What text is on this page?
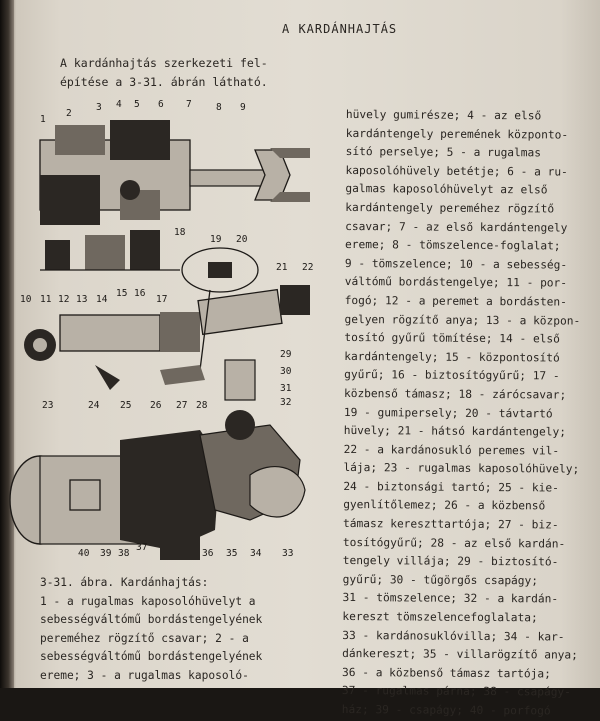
A KARDÁNHAJTÁS
A kardánhajtás szerkezeti fel-
építése a 3-31. ábrán látható.
hüvely gumirésze; 4 - az első
kardántengely peremének központo-
sító perselye; 5 - a rugalmas
kaposolóhüvely betétje; 6 - a ru-
galmas kaposolóhüvelyt az első
kardántengely pereméhez rögzítő
csavar; 7 - az első kardántengely
ereme; 8 - tömszelence-foglalat;
9 - tömszelence; 10 - a sebesség-
váltómű bordástengelye; 11 - por-
fogó; 12 - a peremet a bordásten-
gelyen rögzítő anya; 13 - a közpon-
tosító gyűrű tömítése; 14 - első
kardántengely; 15 - központosító
gyűrű; 16 - biztosítógyűrű; 17 -
közbenső támasz; 18 - zárócsavar;
19 - gumipersely; 20 - távtartó
hüvely; 21 - hátsó kardántengely;
22 - a kardánosukló peremes vil-
lája; 23 - rugalmas kaposolóhüvely;
24 - biztonsági tartó; 25 - kie-
gyenlítőlemez; 26 - a közbenső
támasz kereszttartója; 27 - biz-
tosítógyűrű; 28 - az első kardán-
tengely villája; 29 - biztosító-
gyűrű; 30 - tűgörgős csapágy;
31 - tömszelence; 32 - a kardán-
kereszt tömszelencefoglalata;
33 - kardánosuklóvilla; 34 - kar-
dánkereszt; 35 - villarögzítő anya;
36 - a közbenső támasz tartója;
37 - rugalmas párna; 38 - csapágy-
ház; 39 - csapágy; 40 - porfogó
3-31. ábra. Kardánhajtás:
1 - a rugalmas kaposolóhüvelyt a
sebességváltómű bordástengelyének
pereméhez rögzítő csavar; 2 - a
sebességváltómű bordástengelyének
ereme; 3 - a rugalmas kaposoló-
1
2
3 4 5 6 7	8 9
10 11 12 13 14
15 16
17
18
19 20
21 22
23	24 25 26 27 28
29
30
31
32
40 39 38
37
36 35 34 33
